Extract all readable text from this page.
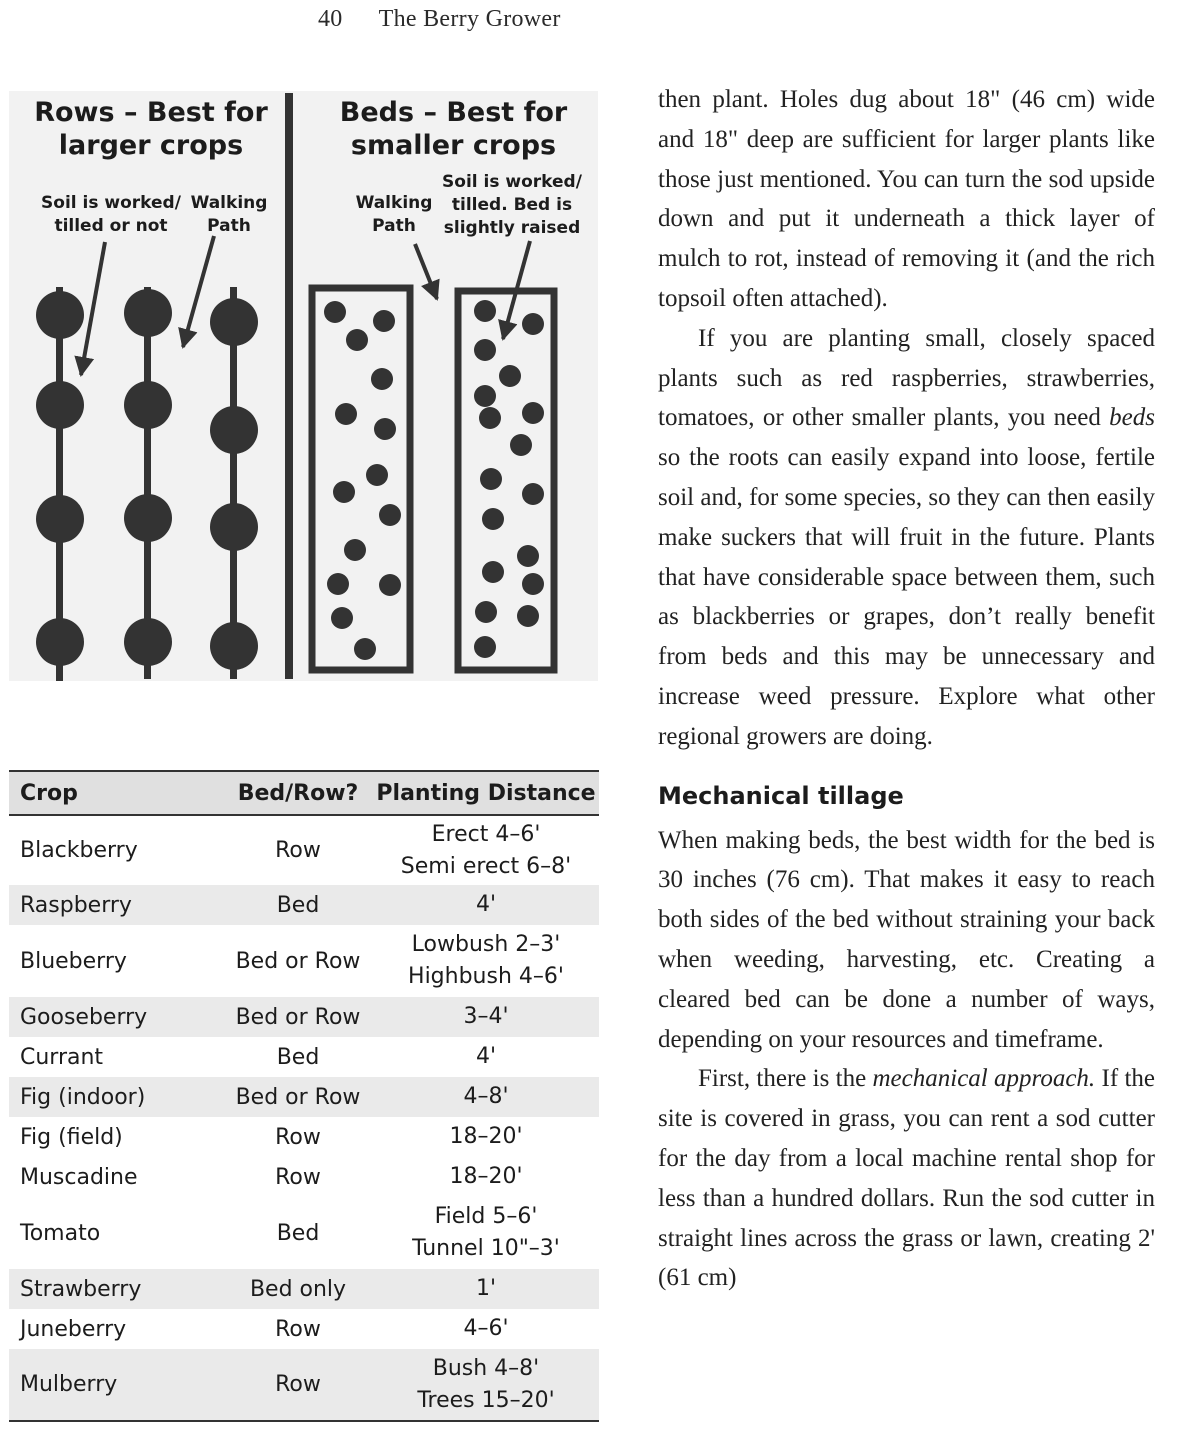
40 The Berry Grower
Rows – Best for
larger crops
Beds – Best for
smaller crops
Soil is worked/
tilled or not
Walking
Path
Walking
Path
Soil is worked/
tilled. Bed is
slightly raised
Crop	Bed/Row?	Planting Distance
Blackberry	Row	Erect 4–6'
Semi erect 6–8'

Raspberry	Bed	4'
Blueberry	Bed or Row	Lowbush 2–3'
Highbush 4–6'

Gooseberry	Bed or Row	3–4'
Currant	Bed	4'
Fig (indoor)	Bed or Row	4–8'
Fig (field)	Row	18–20'
Muscadine	Row	18–20'
Tomato	Bed	Field 5–6'
Tunnel 10"–3'

Strawberry	Bed only	1'
Juneberry	Row	4–6'
Mulberry	Row	Bush 4–8'
Trees 15–20'

then plant. Holes dug about 18" (46 cm) wide and 18" deep are sufficient for larger plants like those just mentioned. You can turn the sod upside down and put it underneath a thick layer of mulch to rot, instead of removing it (and the rich topsoil often attached).

If you are planting small, closely spaced plants such as red raspberries, strawberries, tomatoes, or other smaller plants, you need beds so the roots can easily expand into loose, fertile soil and, for some species, so they can then easily make suckers that will fruit in the future. Plants that have considerable space between them, such as blackberries or grapes, don’t really benefit from beds and this may be unnecessary and increase weed pressure. Explore what other regional growers are doing.

Mechanical tillage

When making beds, the best width for the bed is 30 inches (76 cm). That makes it easy to reach both sides of the bed without straining your back when weeding, harvesting, etc. Creating a cleared bed can be done a number of ways, depending on your resources and timeframe.

First, there is the mechanical approach. If the site is covered in grass, you can rent a sod cutter for the day from a local machine rental shop for less than a hundred dollars. Run the sod cutter in straight lines across the grass or lawn, creating 2' (61 cm)
